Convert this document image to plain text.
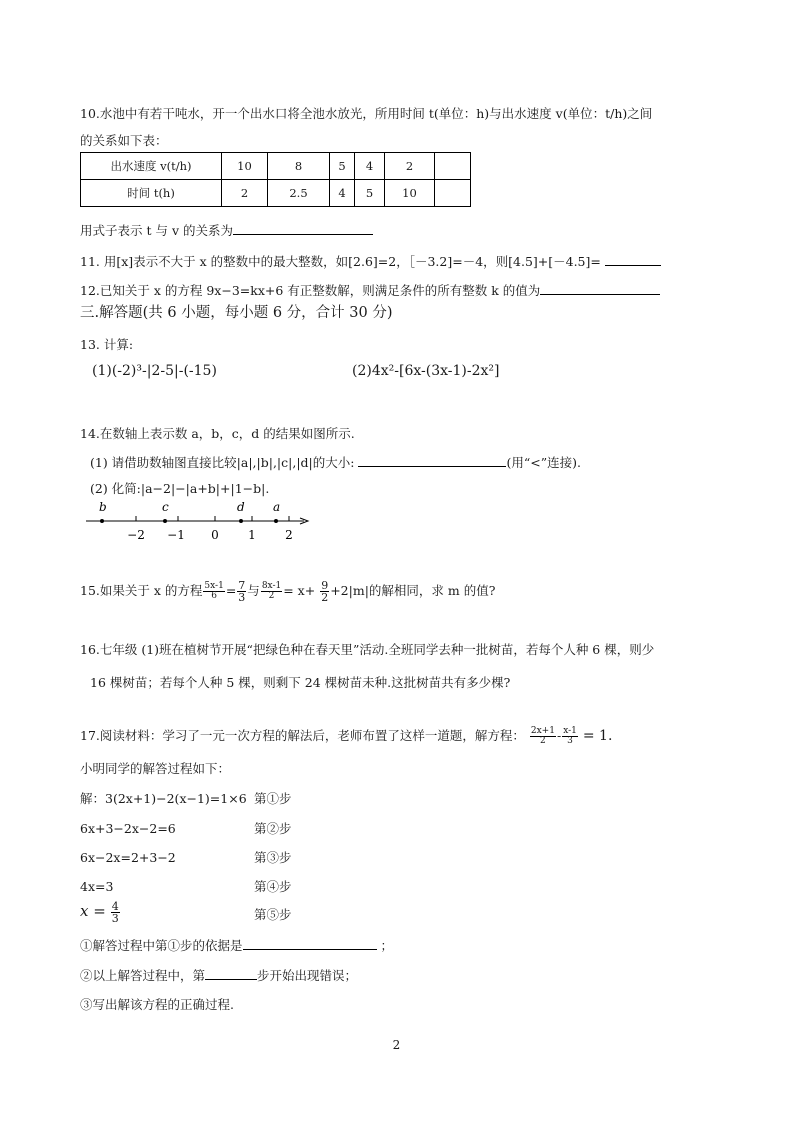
10.水池中有若干吨水，开一个出水口将全池水放光，所用时间 t(单位：h)与出水速度 v(单位：t/h)之间
的关系如下表：
出水速度 v(t/h)	10	8	5	4	2	
时间 t(h)	2	2.5	4	5	10	
用式子表示 t 与 v 的关系为
11. 用[x]表示不大于 x 的整数中的最大整数，如[2.6]=2，［－3.2]=－4，则[4.5]+[－4.5]=
12.已知关于 x 的方程 9x−3=kx+6 有正整数解，则满足条件的所有整数 k 的值为
三.解答题(共 6 小题，每小题 6 分，合计 30 分)
13. 计算:
(1)(-2)³-|2-5|-(-15)	(2)4x²-[6x-(3x-1)-2x²]
14.在数轴上表示数 a，b，c，d 的结果如图所示.
(1) 请借助数轴图直接比较|a|,|b|,|c|,|d|的大小:	(用“<”连接).
(2) 化简:|a−2|−|a+b|+|1−b|.
b	c	d a
−2 −1 0 1 2
15.如果关于 x 的方程 $\frac{5x-1}{6} = \frac{7}{3}$ 与 $\frac{8x-1}{2} = x+ \frac{9}{2} +2|m|$的解相同，求 m 的值?
16.七年级 (1)班在植树节开展“把绿色种在春天里”活动.全班同学去种一批树苗，若每个人种 6 棵，则少
16 棵树苗；若每个人种 5 棵，则剩下 24 棵树苗未种.这批树苗共有多少棵?
17.阅读材料：学习了一元一次方程的解法后，老师布置了这样一道题，解方程： $\frac{2x+1}{2} - \frac{x-1}{3} = 1$.
小明同学的解答过程如下：
解：3(2x+1)−2(x−1)=1×6 第①步
6x+3−2x−2=6	第②步
6x−2x=2+3−2	第③步
4x=3	第④步
$x = \frac{4}{3}$	第⑤步
①解答过程中第①步的依据是	；
②以上解答过程中，第	步开始出现错误；
③写出解该方程的正确过程.
2
